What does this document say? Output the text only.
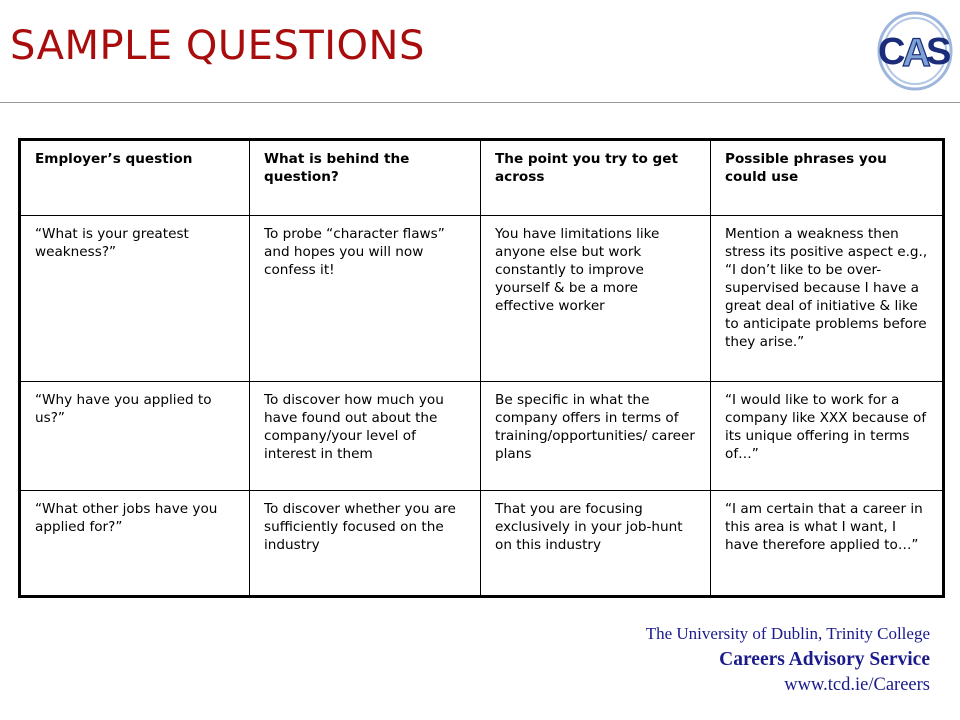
SAMPLE QUESTIONS	C
A
S
Employer’s question	What is behind the question?	The point you try to get across	Possible phrases you could use
“What is your greatest weakness?”	To probe “character flaws” and hopes you will now confess it!	You have limitations like anyone else but work constantly to improve yourself & be a more effective worker	Mention a weakness then stress its positive aspect e.g., “I don’t like to be over-supervised because I have a great deal of initiative & like to anticipate problems before they arise.”
“Why have you applied to us?”	To discover how much you have found out about the company/your level of interest in them	Be specific in what the company offers in terms of training/opportunities/ career plans	“I would like to work for a company like XXX because of its unique offering in terms of…”
“What other jobs have you applied for?”	To discover whether you are sufficiently focused on the industry	That you are focusing exclusively in your job-hunt on this industry	“I am certain that a career in this area is what I want, I have therefore applied to…”
The University of Dublin, Trinity College
Careers Advisory Service
www.tcd.ie/Careers
